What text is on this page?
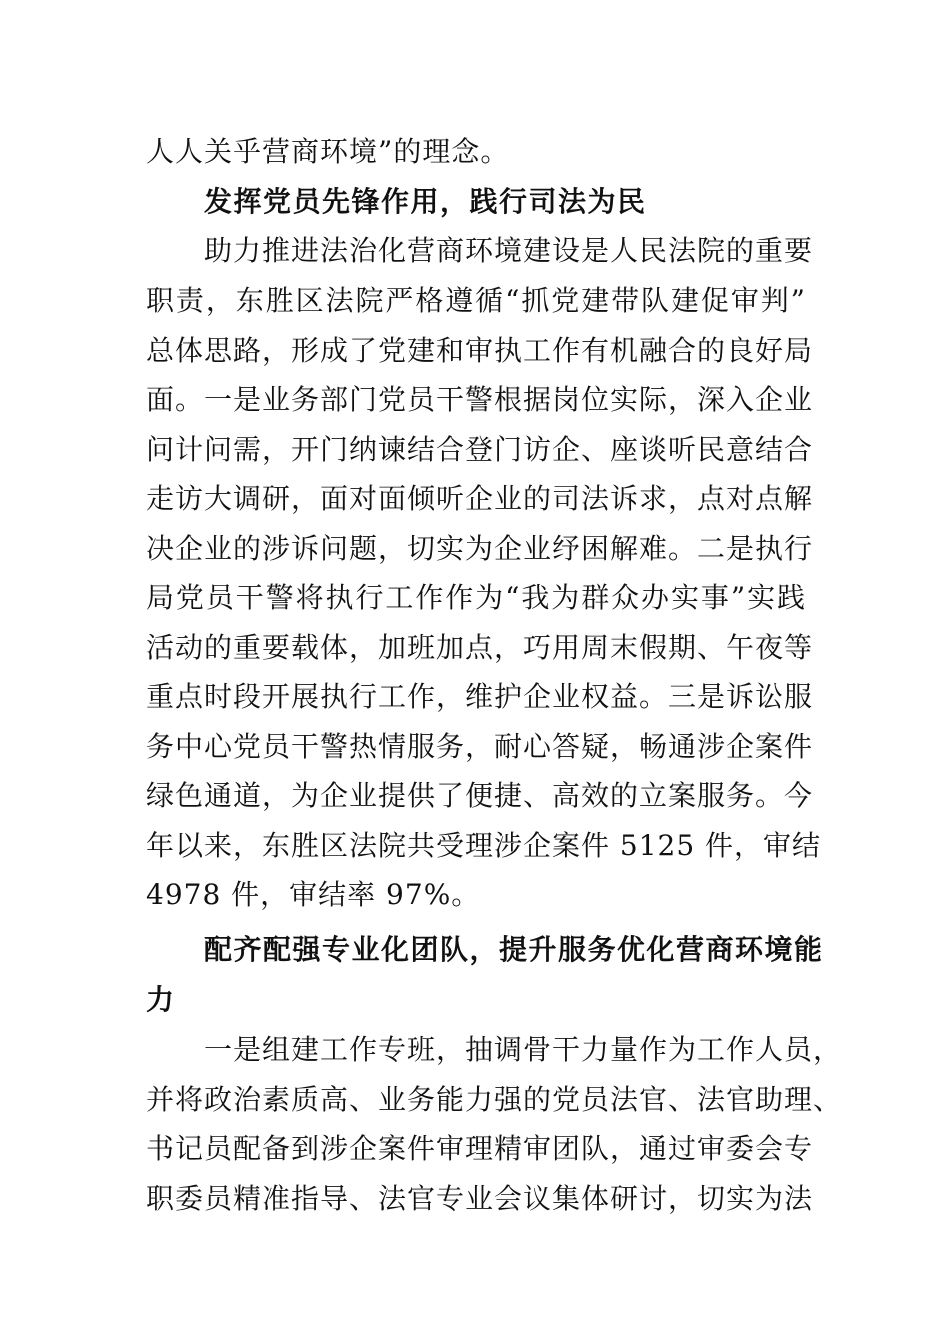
人人关乎营商环境”的理念。
发挥党员先锋作用，践行司法为民
助力推进法治化营商环境建设是人民法院的重要
职责，东胜区法院严格遵循“抓党建带队建促审判”
总体思路，形成了党建和审执工作有机融合的良好局
面。一是业务部门党员干警根据岗位实际，深入企业
问计问需，开门纳谏结合登门访企、座谈听民意结合
走访大调研，面对面倾听企业的司法诉求，点对点解
决企业的涉诉问题，切实为企业纾困解难。二是执行
局党员干警将执行工作作为“我为群众办实事”实践
活动的重要载体，加班加点，巧用周末假期、午夜等
重点时段开展执行工作，维护企业权益。三是诉讼服
务中心党员干警热情服务，耐心答疑，畅通涉企案件
绿色通道，为企业提供了便捷、高效的立案服务。今
年以来，东胜区法院共受理涉企案件 5125 件，审结
4978 件，审结率 97%。
配齐配强专业化团队，提升服务优化营商环境能
力
一是组建工作专班，抽调骨干力量作为工作人员，
并将政治素质高、业务能力强的党员法官、法官助理、
书记员配备到涉企案件审理精审团队，通过审委会专
职委员精准指导、法官专业会议集体研讨，切实为法
